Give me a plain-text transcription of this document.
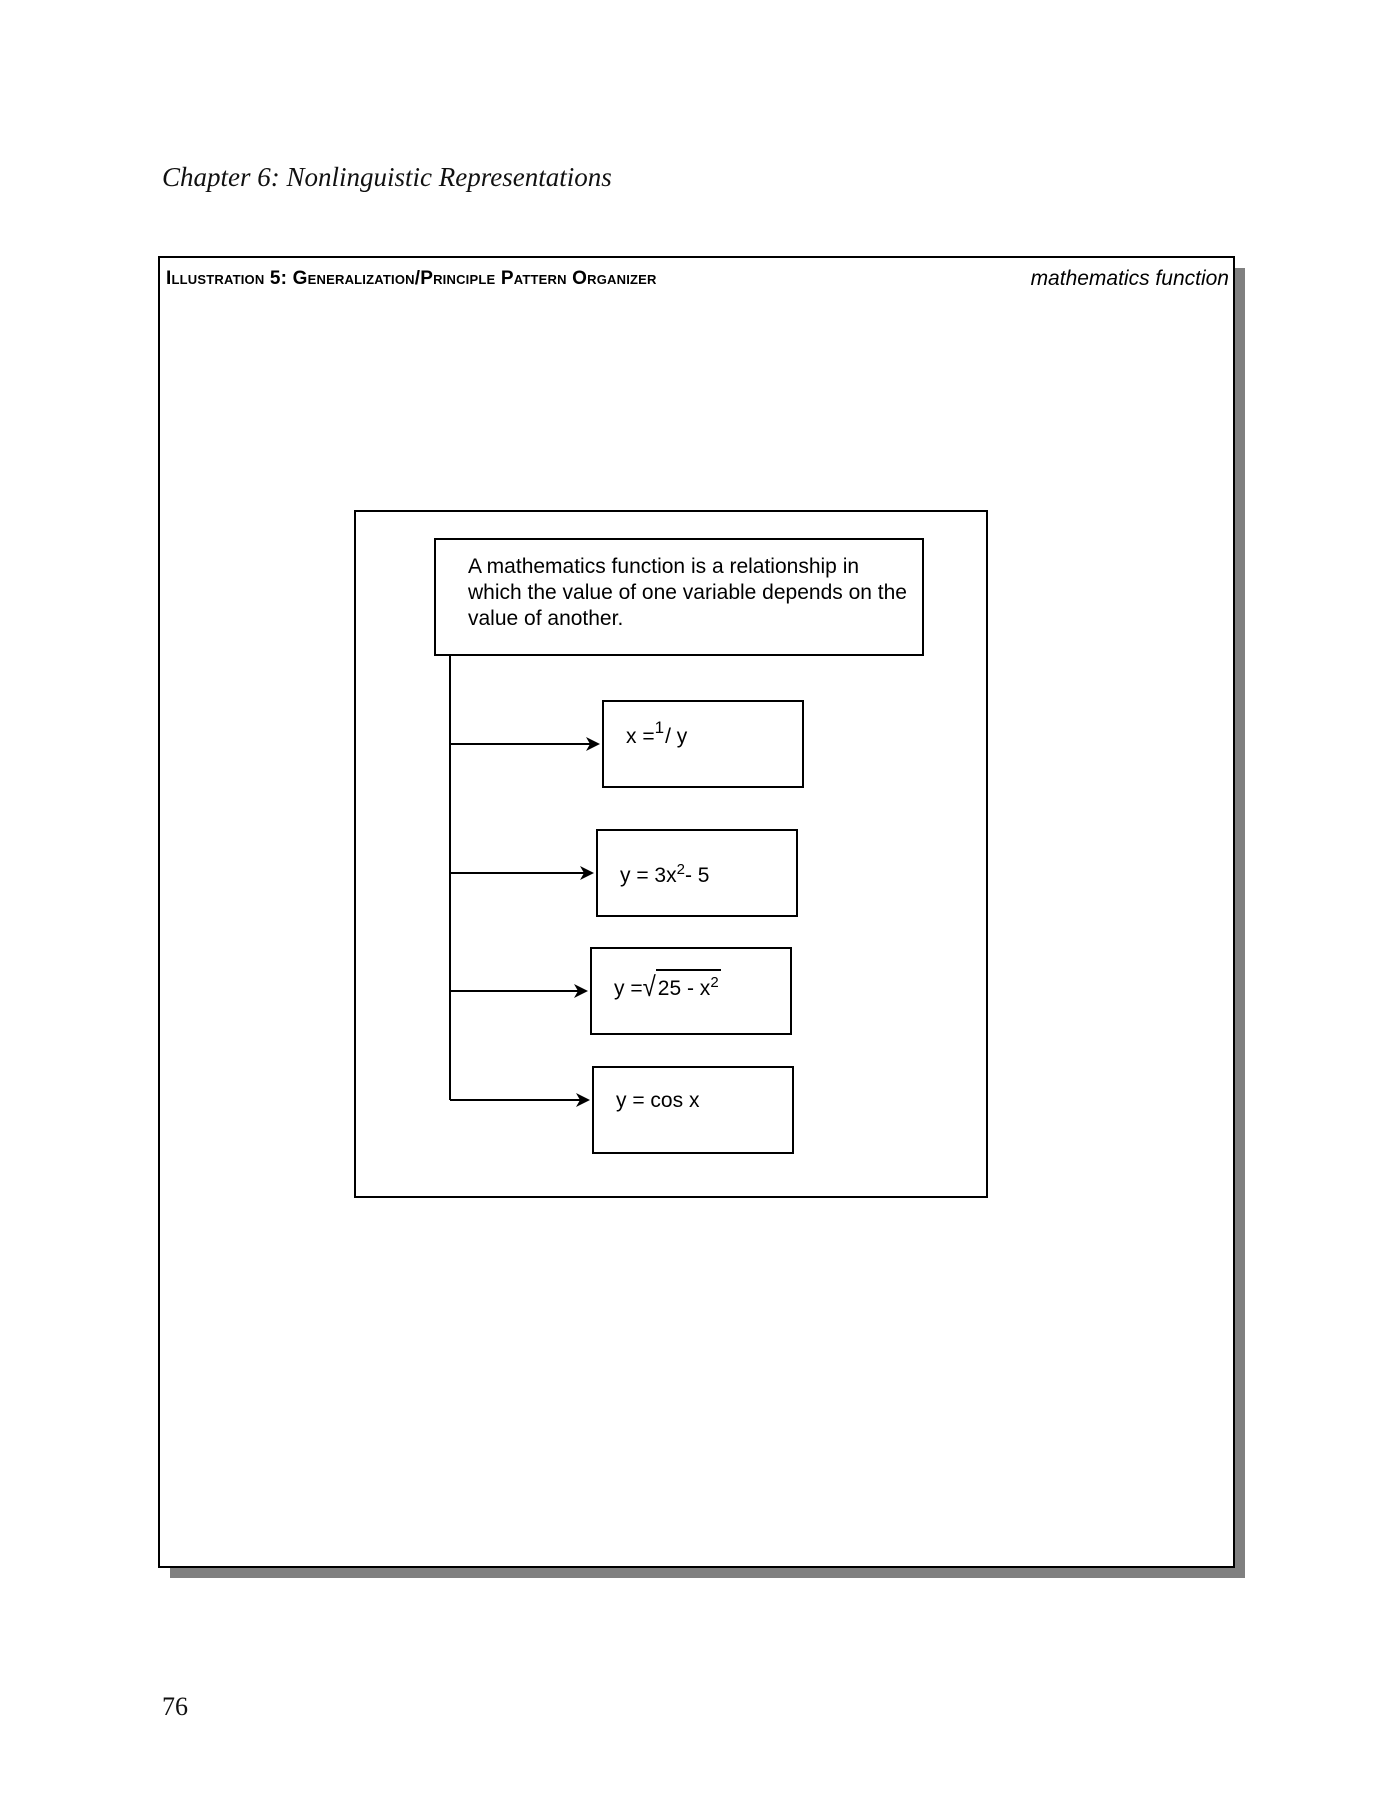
Chapter 6: Nonlinguistic Representations
Illustration 5: Generalization/Principle Pattern Organizer	mathematics function
A mathematics function is a relationship in which the value of one variable depends on the value of another.
x =$^1$/ y
$y = 3x^2-$ 5
$y =√25 - x^2$
y = cos x
76
